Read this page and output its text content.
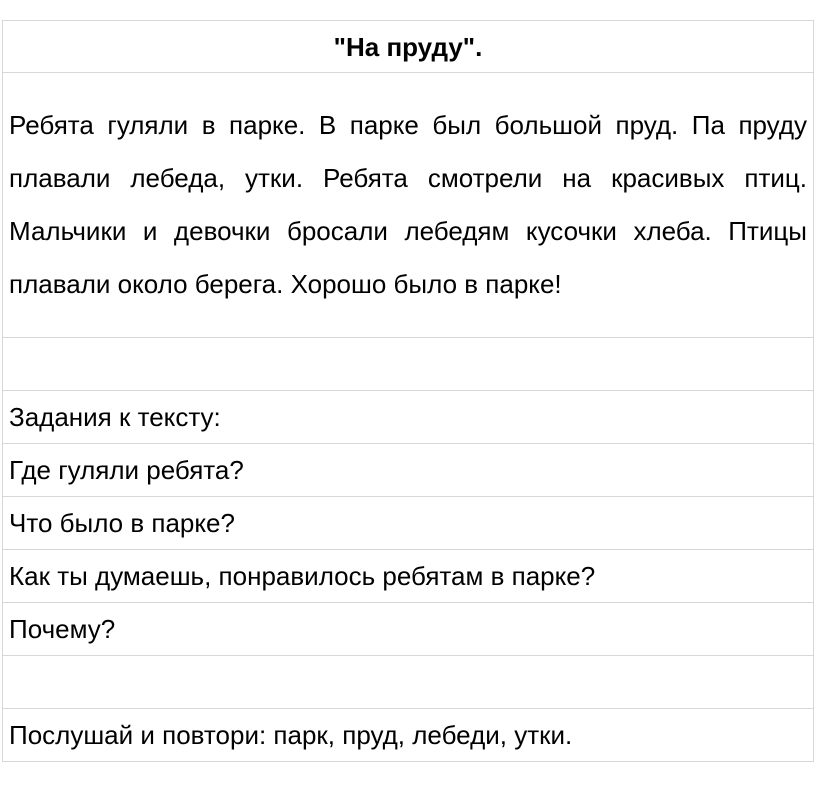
"На пруду".

Ребята гуляли в парке. В парке был большой пруд. Па пруду плавали лебеда, утки. Ребята смотрели на красивых птиц. Мальчики и девочки бросали лебедям кусочки хлеба. Птицы плавали около берега. Хорошо было в парке!

Задания к тексту:
Где гуляли ребята?
Что было в парке?
Как ты думаешь, понравилось ребятам в парке?
Почему?

Послушай и повтори: парк, пруд, лебеди, утки.
